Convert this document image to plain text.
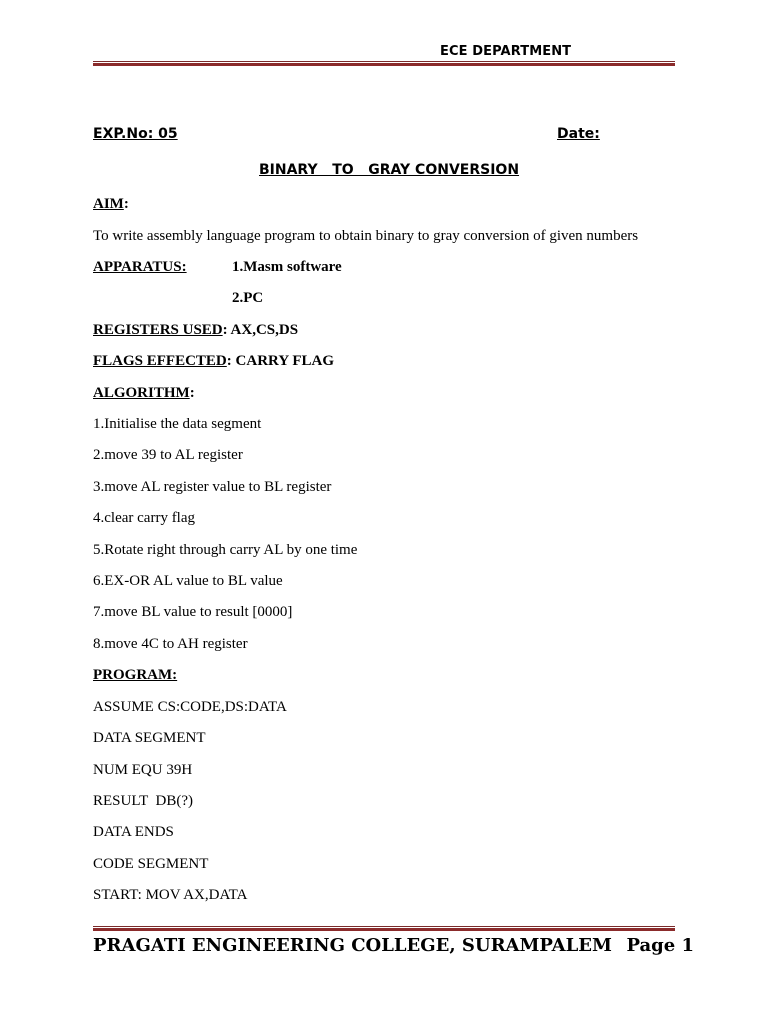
ECE DEPARTMENT
EXP.No: 05	Date:
BINARY   TO   GRAY CONVERSION
AIM:
To write assembly language program to obtain binary to gray conversion of given numbers
APPARATUS:	1.Masm software
2.PC
REGISTERS USED: AX,CS,DS
FLAGS EFFECTED: CARRY FLAG
ALGORITHM:
1.Initialise the data segment
2.move 39 to AL register
3.move AL register value to BL register
4.clear carry flag
5.Rotate right through carry AL by one time
6.EX-OR AL value to BL value
7.move BL value to result [0000]
8.move 4C to AH register
PROGRAM:
ASSUME CS:CODE,DS:DATA
DATA SEGMENT
NUM EQU 39H
RESULT  DB(?)
DATA ENDS
CODE SEGMENT
START: MOV AX,DATA
PRAGATI ENGINEERING COLLEGE, SURAMPALEM Page 1
